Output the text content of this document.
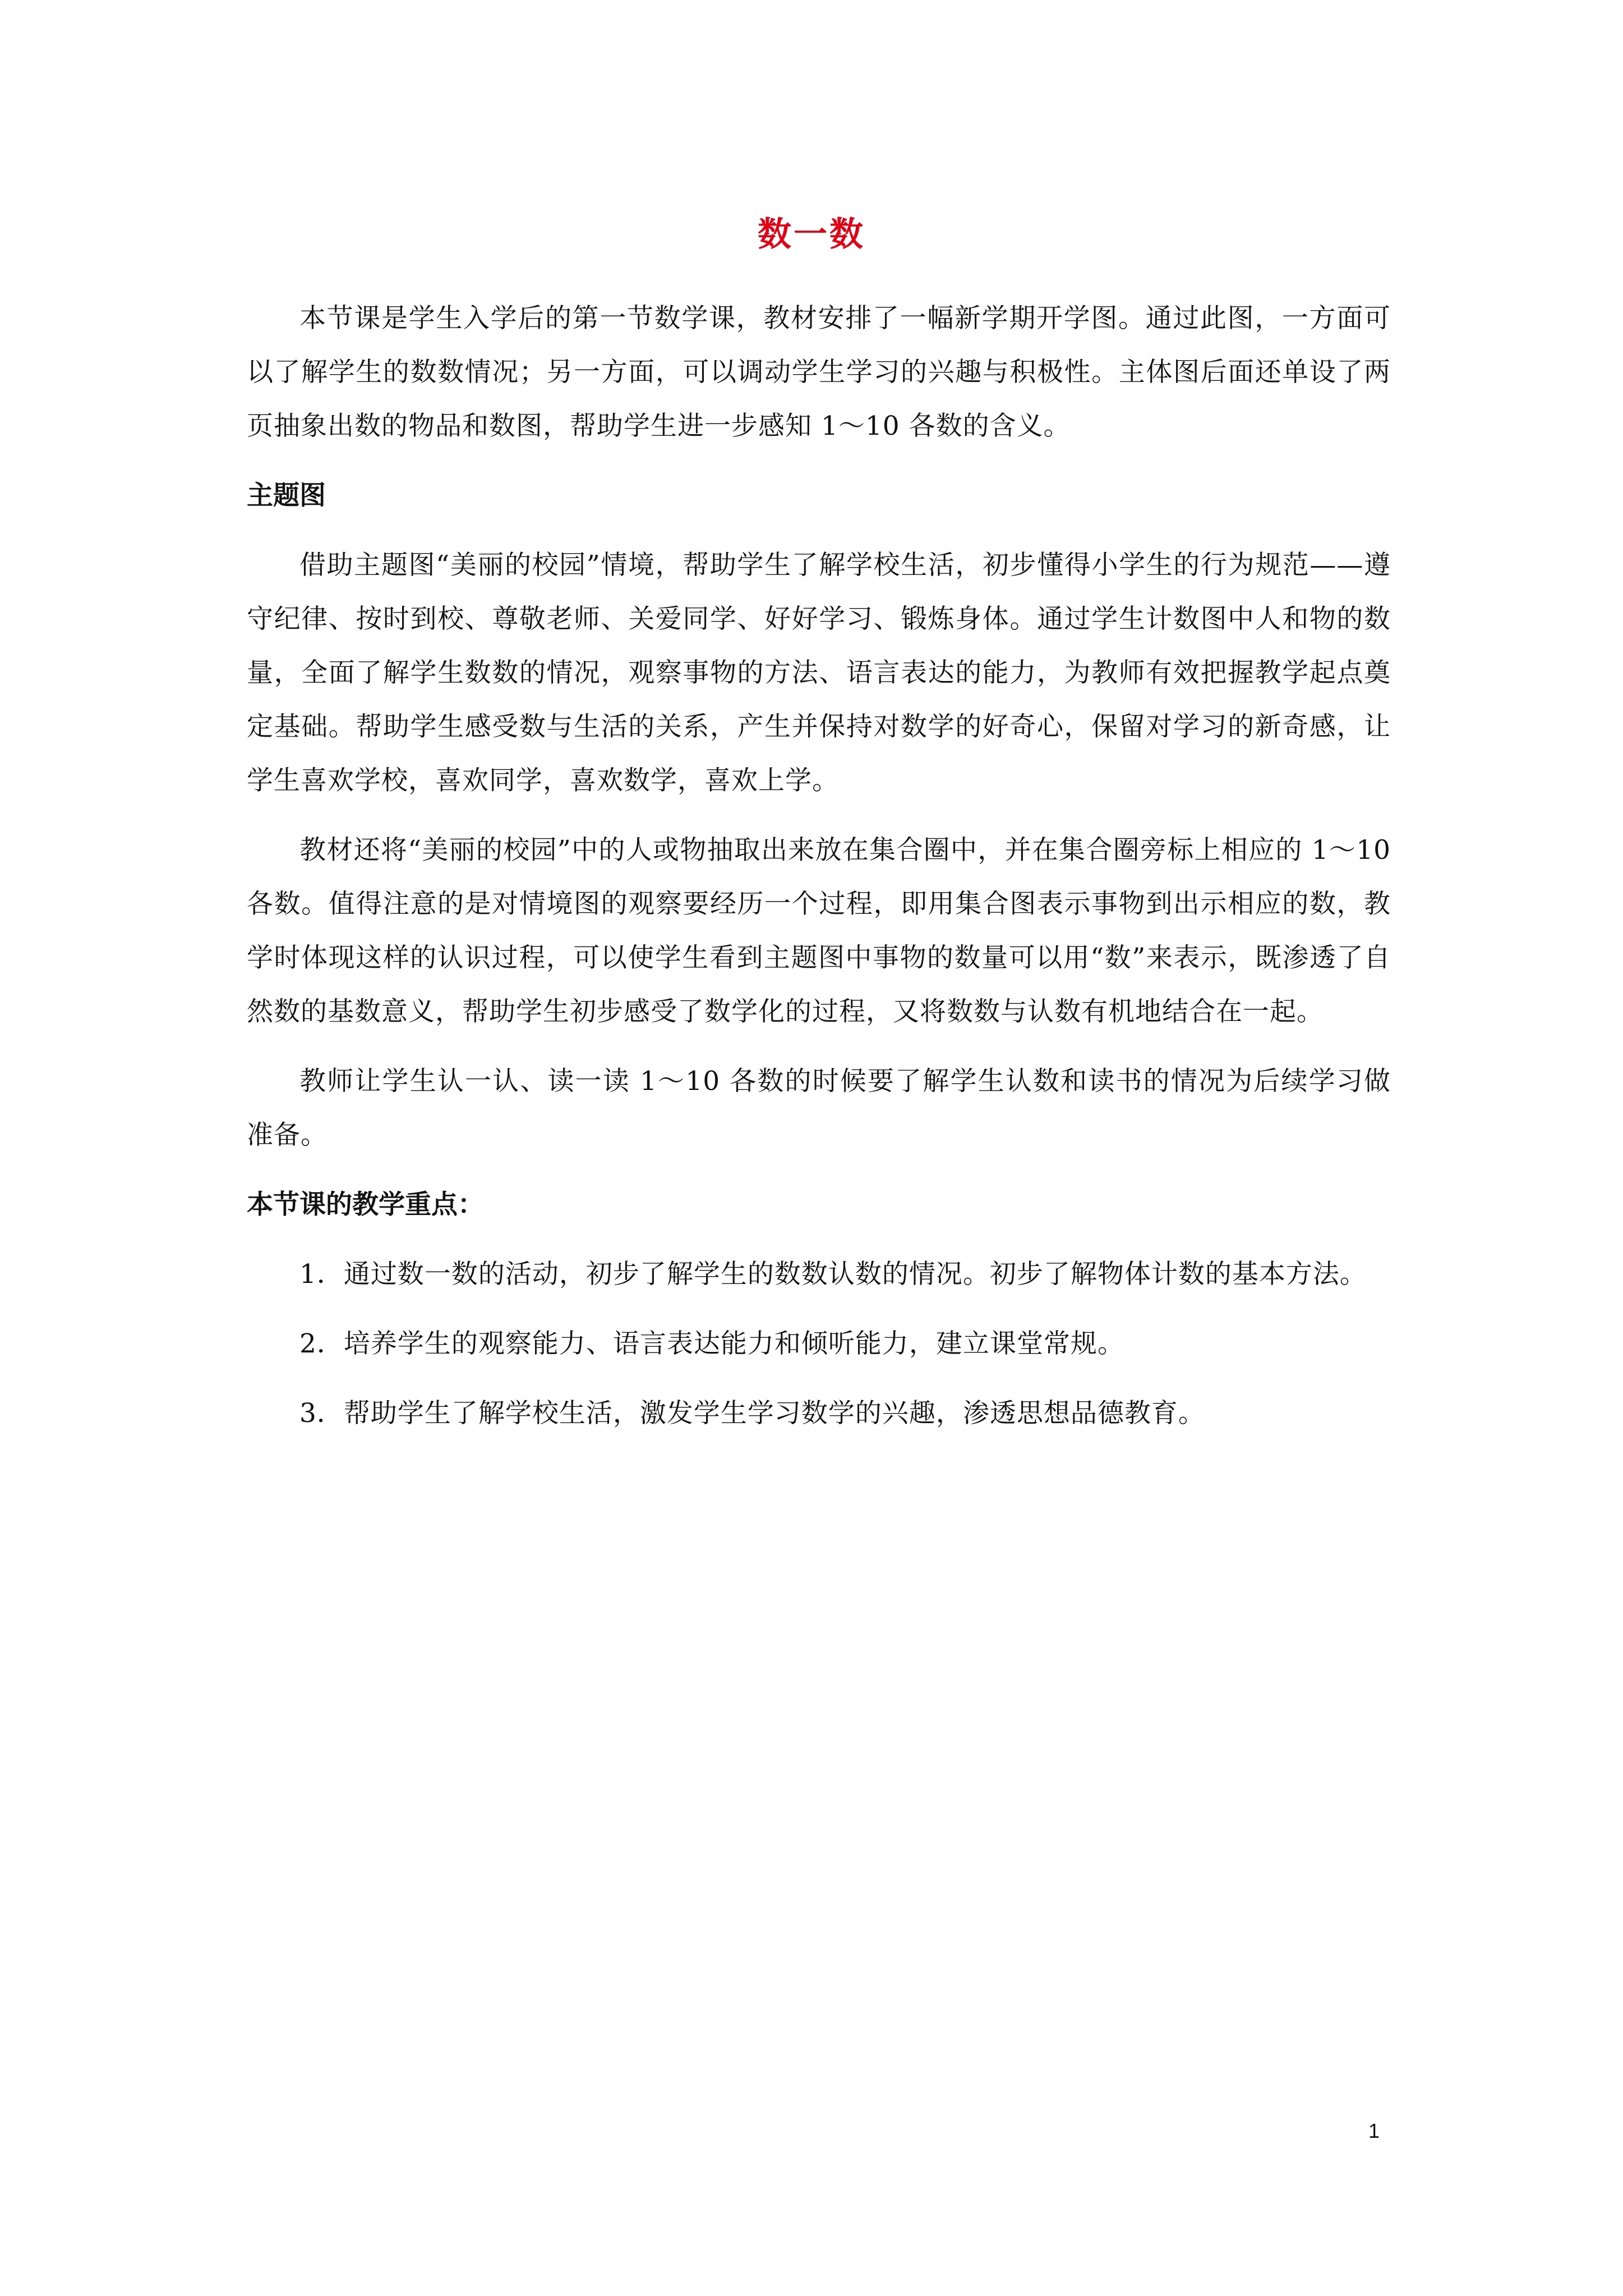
数一数

本节课是学生入学后的第一节数学课，教材安排了一幅新学期开学图。通过此图，一方面可以了解学生的数数情况；另一方面，可以调动学生学习的兴趣与积极性。主体图后面还单设了两页抽象出数的物品和数图，帮助学生进一步感知 1～10 各数的含义。

主题图

借助主题图“美丽的校园”情境，帮助学生了解学校生活，初步懂得小学生的行为规范——遵守纪律、按时到校、尊敬老师、关爱同学、好好学习、锻炼身体。通过学生计数图中人和物的数量，全面了解学生数数的情况，观察事物的方法、语言表达的能力，为教师有效把握教学起点奠定基础。帮助学生感受数与生活的关系，产生并保持对数学的好奇心，保留对学习的新奇感，让学生喜欢学校，喜欢同学，喜欢数学，喜欢上学。

教材还将“美丽的校园”中的人或物抽取出来放在集合圈中，并在集合圈旁标上相应的 1～10 各数。值得注意的是对情境图的观察要经历一个过程，即用集合图表示事物到出示相应的数，教学时体现这样的认识过程，可以使学生看到主题图中事物的数量可以用“数”来表示，既渗透了自然数的基数意义，帮助学生初步感受了数学化的过程，又将数数与认数有机地结合在一起。

教师让学生认一认、读一读 1～10 各数的时候要了解学生认数和读书的情况为后续学习做准备。

本节课的教学重点：

1．通过数一数的活动，初步了解学生的数数认数的情况。初步了解物体计数的基本方法。

2．培养学生的观察能力、语言表达能力和倾听能力，建立课堂常规。

3．帮助学生了解学校生活，激发学生学习数学的兴趣，渗透思想品德教育。

1
